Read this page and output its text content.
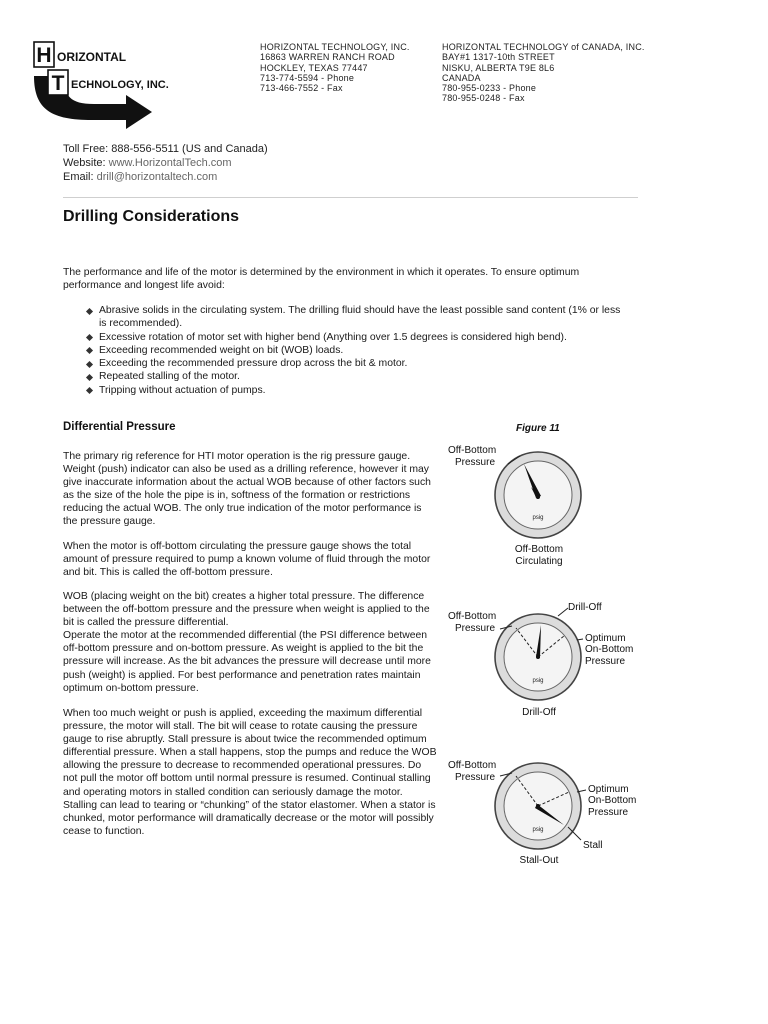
H ORIZONTAL
T ECHNOLOGY, INC.
HORIZONTAL TECHNOLOGY, INC.
16863 WARREN RANCH ROAD
HOCKLEY, TEXAS 77447
713-774-5594 - Phone
713-466-7552 - Fax
HORIZONTAL TECHNOLOGY of CANADA, INC.
BAY#1 1317-10th STREET
NISKU, ALBERTA T9E 8L6
CANADA
780-955-0233 - Phone
780-955-0248 - Fax
Toll Free: 888-556-5511 (US and Canada)
Website: www.HorizontalTech.com
Email: drill@horizontaltech.com
Drilling Considerations
The performance and life of the motor is determined by the environment in which it operates. To ensure optimum performance and longest life avoid:
Abrasive solids in the circulating system. The drilling fluid should have the least possible sand content (1% or less is recommended).
Excessive rotation of motor set with higher bend (Anything over 1.5 degrees is considered high bend).
Exceeding recommended weight on bit (WOB) loads.
Exceeding the recommended pressure drop across the bit & motor.
Repeated stalling of the motor.
Tripping without actuation of pumps.
Differential Pressure

The primary rig reference for HTI motor operation is the rig pressure gauge. Weight (push) indicator can also be used as a drilling reference, however it may give inaccurate information about the actual WOB because of other factors such as the size of the hole the pipe is in, softness of the formation or restrictions reducing the actual WOB. The only true indication of the motor performance is the pressure gauge.

When the motor is off-bottom circulating the pressure gauge shows the total amount of pressure required to pump a known volume of fluid through the motor and bit. This is called the off-bottom pressure.

WOB (placing weight on the bit) creates a higher total pressure. The difference between the off-bottom pressure and the pressure when weight is applied to the bit is called the pressure differential.

Operate the motor at the recommended differential (the PSI difference between off-bottom pressure and on-bottom pressure. As weight is applied to the bit the pressure will increase. As the bit advances the pressure will decrease until more push (weight) is applied. For best performance and penetration rates maintain optimum on-bottom pressure.

When too much weight or push is applied, exceeding the maximum differential pressure, the motor will stall. The bit will cease to rotate causing the pressure gauge to rise abruptly. Stall pressure is about twice the recommended optimum differential pressure. When a stall happens, stop the pumps and reduce the WOB allowing the pressure to decrease to recommended operational pressures. Do not pull the motor off bottom until normal pressure is resumed. Continual stalling and operating motors in stalled condition can seriously damage the motor. Stalling can lead to tearing or “chunking” of the stator elastomer. When a stator is chunked, motor performance will dramatically decrease or the motor will possibly cease to function.

Figure 11
psig
Off-Bottom
Pressure
Off-Bottom
Circulating
psig
Off-Bottom
Pressure
Drill-Off
Optimum
On-Bottom
Pressure
Drill-Off
psig
Off-Bottom
Pressure
Optimum
On-Bottom
Pressure
Stall
Stall-Out
